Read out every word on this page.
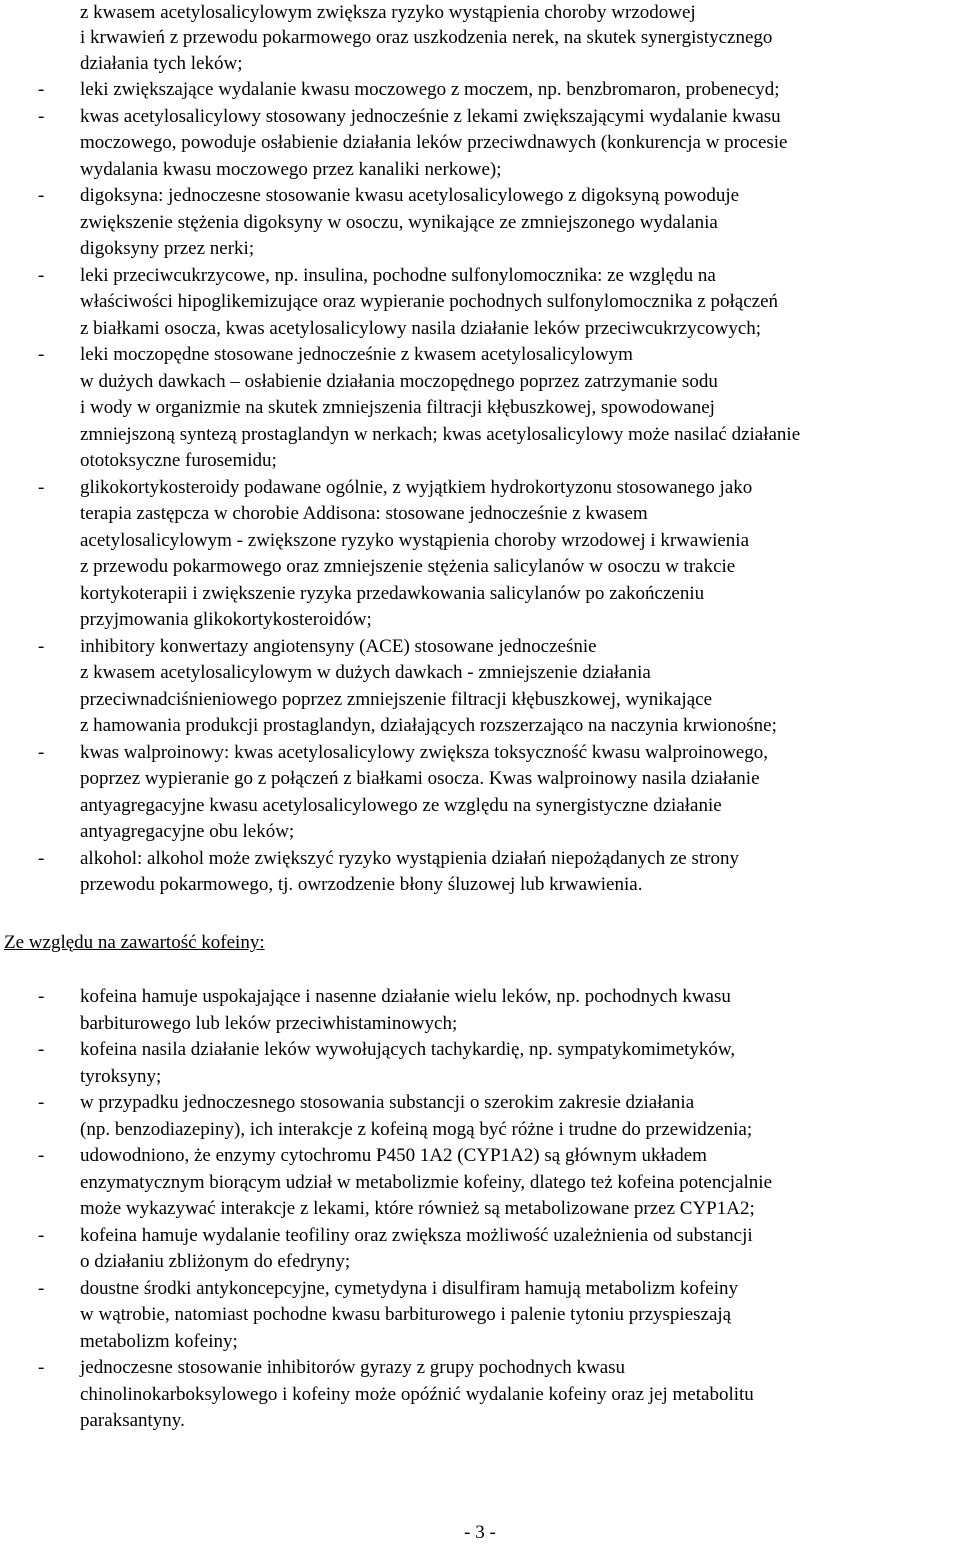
z kwasem acetylosalicylowym zwiększa ryzyko wystąpienia choroby wrzodowej
i krwawień z przewodu pokarmowego oraz uszkodzenia nerek, na skutek synergistycznego
działania tych leków;
- leki zwiększające wydalanie kwasu moczowego z moczem, np. benzbromaron, probenecyd;
- kwas acetylosalicylowy stosowany jednocześnie z lekami zwiększającymi wydalanie kwasu
moczowego, powoduje osłabienie działania leków przeciwdnawych (konkurencja w procesie
wydalania kwasu moczowego przez kanaliki nerkowe);
- digoksyna: jednoczesne stosowanie kwasu acetylosalicylowego z digoksyną powoduje
zwiększenie stężenia digoksyny w osoczu, wynikające ze zmniejszonego wydalania
digoksyny przez nerki;
- leki przeciwcukrzycowe, np. insulina, pochodne sulfonylomocznika: ze względu na
właściwości hipoglikemizujące oraz wypieranie pochodnych sulfonylomocznika z połączeń
z białkami osocza, kwas acetylosalicylowy nasila działanie leków przeciwcukrzycowych;
- leki moczopędne stosowane jednocześnie z kwasem acetylosalicylowym
w dużych dawkach – osłabienie działania moczopędnego poprzez zatrzymanie sodu
i wody w organizmie na skutek zmniejszenia filtracji kłębuszkowej, spowodowanej
zmniejszoną syntezą prostaglandyn w nerkach; kwas acetylosalicylowy może nasilać działanie
ototoksyczne furosemidu;
- glikokortykosteroidy podawane ogólnie, z wyjątkiem hydrokortyzonu stosowanego jako
terapia zastępcza w chorobie Addisona: stosowane jednocześnie z kwasem
acetylosalicylowym - zwiększone ryzyko wystąpienia choroby wrzodowej i krwawienia
z przewodu pokarmowego oraz zmniejszenie stężenia salicylanów w osoczu w trakcie
kortykoterapii i zwiększenie ryzyka przedawkowania salicylanów po zakończeniu
przyjmowania glikokortykosteroidów;
- inhibitory konwertazy angiotensyny (ACE) stosowane jednocześnie
z kwasem acetylosalicylowym w dużych dawkach - zmniejszenie działania
przeciwnadciśnieniowego poprzez zmniejszenie filtracji kłębuszkowej, wynikające
z hamowania produkcji prostaglandyn, działających rozszerzająco na naczynia krwionośne;
- kwas walproinowy: kwas acetylosalicylowy zwiększa toksyczność kwasu walproinowego,
poprzez wypieranie go z połączeń z białkami osocza. Kwas walproinowy nasila działanie
antyagregacyjne kwasu acetylosalicylowego ze względu na synergistyczne działanie
antyagregacyjne obu leków;
- alkohol: alkohol może zwiększyć ryzyko wystąpienia działań niepożądanych ze strony
przewodu pokarmowego, tj. owrzodzenie błony śluzowej lub krwawienia.
Ze względu na zawartość kofeiny:
- kofeina hamuje uspokajające i nasenne działanie wielu leków, np. pochodnych kwasu
barbiturowego lub leków przeciwhistaminowych;
- kofeina nasila działanie leków wywołujących tachykardię, np. sympatykomimetyków,
tyroksyny;
- w przypadku jednoczesnego stosowania substancji o szerokim zakresie działania
(np. benzodiazepiny), ich interakcje z kofeiną mogą być różne i trudne do przewidzenia;
- udowodniono, że enzymy cytochromu P450 1A2 (CYP1A2) są głównym układem
enzymatycznym biorącym udział w metabolizmie kofeiny, dlatego też kofeina potencjalnie
może wykazywać interakcje z lekami, które również są metabolizowane przez CYP1A2;
- kofeina hamuje wydalanie teofiliny oraz zwiększa możliwość uzależnienia od substancji
o działaniu zbliżonym do efedryny;
- doustne środki antykoncepcyjne, cymetydyna i disulfiram hamują metabolizm kofeiny
w wątrobie, natomiast pochodne kwasu barbiturowego i palenie tytoniu przyspieszają
metabolizm kofeiny;
- jednoczesne stosowanie inhibitorów gyrazy z grupy pochodnych kwasu
chinolinokarboksylowego i kofeiny może opóźnić wydalanie kofeiny oraz jej metabolitu
paraksantyny.
- 3 -
